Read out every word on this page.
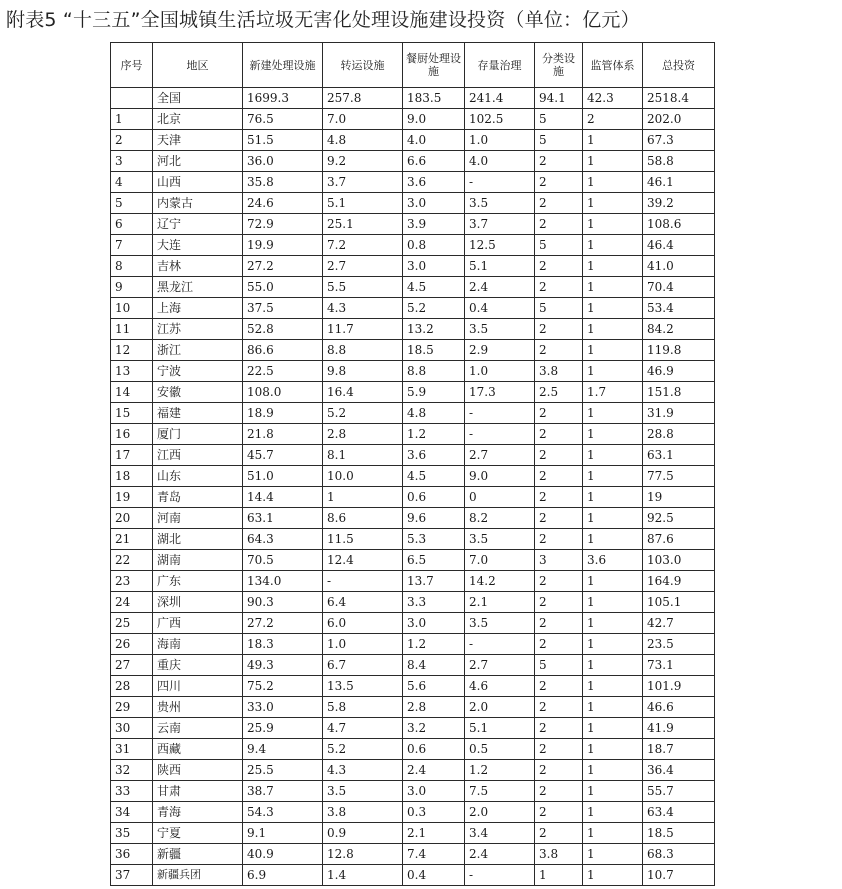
附表5 “十三五”全国城镇生活垃圾无害化处理设施建设投资（单位：亿元）
序号	地区	新建处理设施	转运设施	餐厨处理设施	存量治理	分类设施	监管体系	总投资
	全国	1699.3	257.8	183.5	241.4	94.1	42.3	2518.4
1	北京	76.5	7.0	9.0	102.5	5	2	202.0
2	天津	51.5	4.8	4.0	1.0	5	1	67.3
3	河北	36.0	9.2	6.6	4.0	2	1	58.8
4	山西	35.8	3.7	3.6	-	2	1	46.1
5	内蒙古	24.6	5.1	3.0	3.5	2	1	39.2
6	辽宁	72.9	25.1	3.9	3.7	2	1	108.6
7	大连	19.9	7.2	0.8	12.5	5	1	46.4
8	吉林	27.2	2.7	3.0	5.1	2	1	41.0
9	黑龙江	55.0	5.5	4.5	2.4	2	1	70.4
10	上海	37.5	4.3	5.2	0.4	5	1	53.4
11	江苏	52.8	11.7	13.2	3.5	2	1	84.2
12	浙江	86.6	8.8	18.5	2.9	2	1	119.8
13	宁波	22.5	9.8	8.8	1.0	3.8	1	46.9
14	安徽	108.0	16.4	5.9	17.3	2.5	1.7	151.8
15	福建	18.9	5.2	4.8	-	2	1	31.9
16	厦门	21.8	2.8	1.2	-	2	1	28.8
17	江西	45.7	8.1	3.6	2.7	2	1	63.1
18	山东	51.0	10.0	4.5	9.0	2	1	77.5
19	青岛	14.4	1	0.6	0	2	1	19
20	河南	63.1	8.6	9.6	8.2	2	1	92.5
21	湖北	64.3	11.5	5.3	3.5	2	1	87.6
22	湖南	70.5	12.4	6.5	7.0	3	3.6	103.0
23	广东	134.0	-	13.7	14.2	2	1	164.9
24	深圳	90.3	6.4	3.3	2.1	2	1	105.1
25	广西	27.2	6.0	3.0	3.5	2	1	42.7
26	海南	18.3	1.0	1.2	-	2	1	23.5
27	重庆	49.3	6.7	8.4	2.7	5	1	73.1
28	四川	75.2	13.5	5.6	4.6	2	1	101.9
29	贵州	33.0	5.8	2.8	2.0	2	1	46.6
30	云南	25.9	4.7	3.2	5.1	2	1	41.9
31	西藏	9.4	5.2	0.6	0.5	2	1	18.7
32	陕西	25.5	4.3	2.4	1.2	2	1	36.4
33	甘肃	38.7	3.5	3.0	7.5	2	1	55.7
34	青海	54.3	3.8	0.3	2.0	2	1	63.4
35	宁夏	9.1	0.9	2.1	3.4	2	1	18.5
36	新疆	40.9	12.8	7.4	2.4	3.8	1	68.3
37	新疆兵团	6.9	1.4	0.4	-	1	1	10.7
